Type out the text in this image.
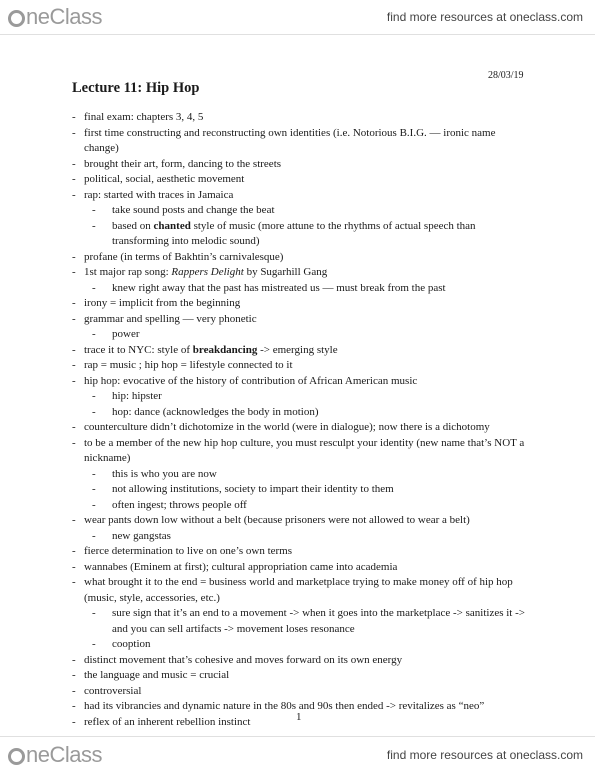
neClass	find more resources at oneclass.com
28/03/19
Lecture 11: Hip Hop
- final exam: chapters 3, 4, 5
- first time constructing and reconstructing own identities (i.e. Notorious B.I.G. — ironic name change)
- brought their art, form, dancing to the streets
- political, social, aesthetic movement
- rap: started with traces in Jamaica
- take sound posts and change the beat
- based on chanted style of music (more attune to the rhythms of actual speech than transforming into melodic sound)
- profane (in terms of Bakhtin’s carnivalesque)
- 1st major rap song: Rappers Delight by Sugarhill Gang
- knew right away that the past has mistreated us — must break from the past
- irony = implicit from the beginning
- grammar and spelling — very phonetic
- power
- trace it to NYC: style of breakdancing -> emerging style
- rap = music ; hip hop = lifestyle connected to it
- hip hop: evocative of the history of contribution of African American music
- hip: hipster
- hop: dance (acknowledges the body in motion)
- counterculture didn’t dichotomize in the world (were in dialogue); now there is a dichotomy
- to be a member of the new hip hop culture, you must resculpt your identity (new name that’s NOT a nickname)
- this is who you are now
- not allowing institutions, society to impart their identity to them
- often ingest; throws people off
- wear pants down low without a belt (because prisoners were not allowed to wear a belt)
- new gangstas
- fierce determination to live on one’s own terms
- wannabes (Eminem at first); cultural appropriation came into academia
- what brought it to the end = business world and marketplace trying to make money off of hip hop (music, style, accessories, etc.)
- sure sign that it’s an end to a movement -> when it goes into the marketplace -> sanitizes it -> and you can sell artifacts -> movement loses resonance
- cooption
- distinct movement that’s cohesive and moves forward on its own energy
- the language and music = crucial
- controversial
- had its vibrancies and dynamic nature in the 80s and 90s then ended -> revitalizes as “neo”
- reflex of an inherent rebellion instinct	1
neClass	find more resources at oneclass.com
